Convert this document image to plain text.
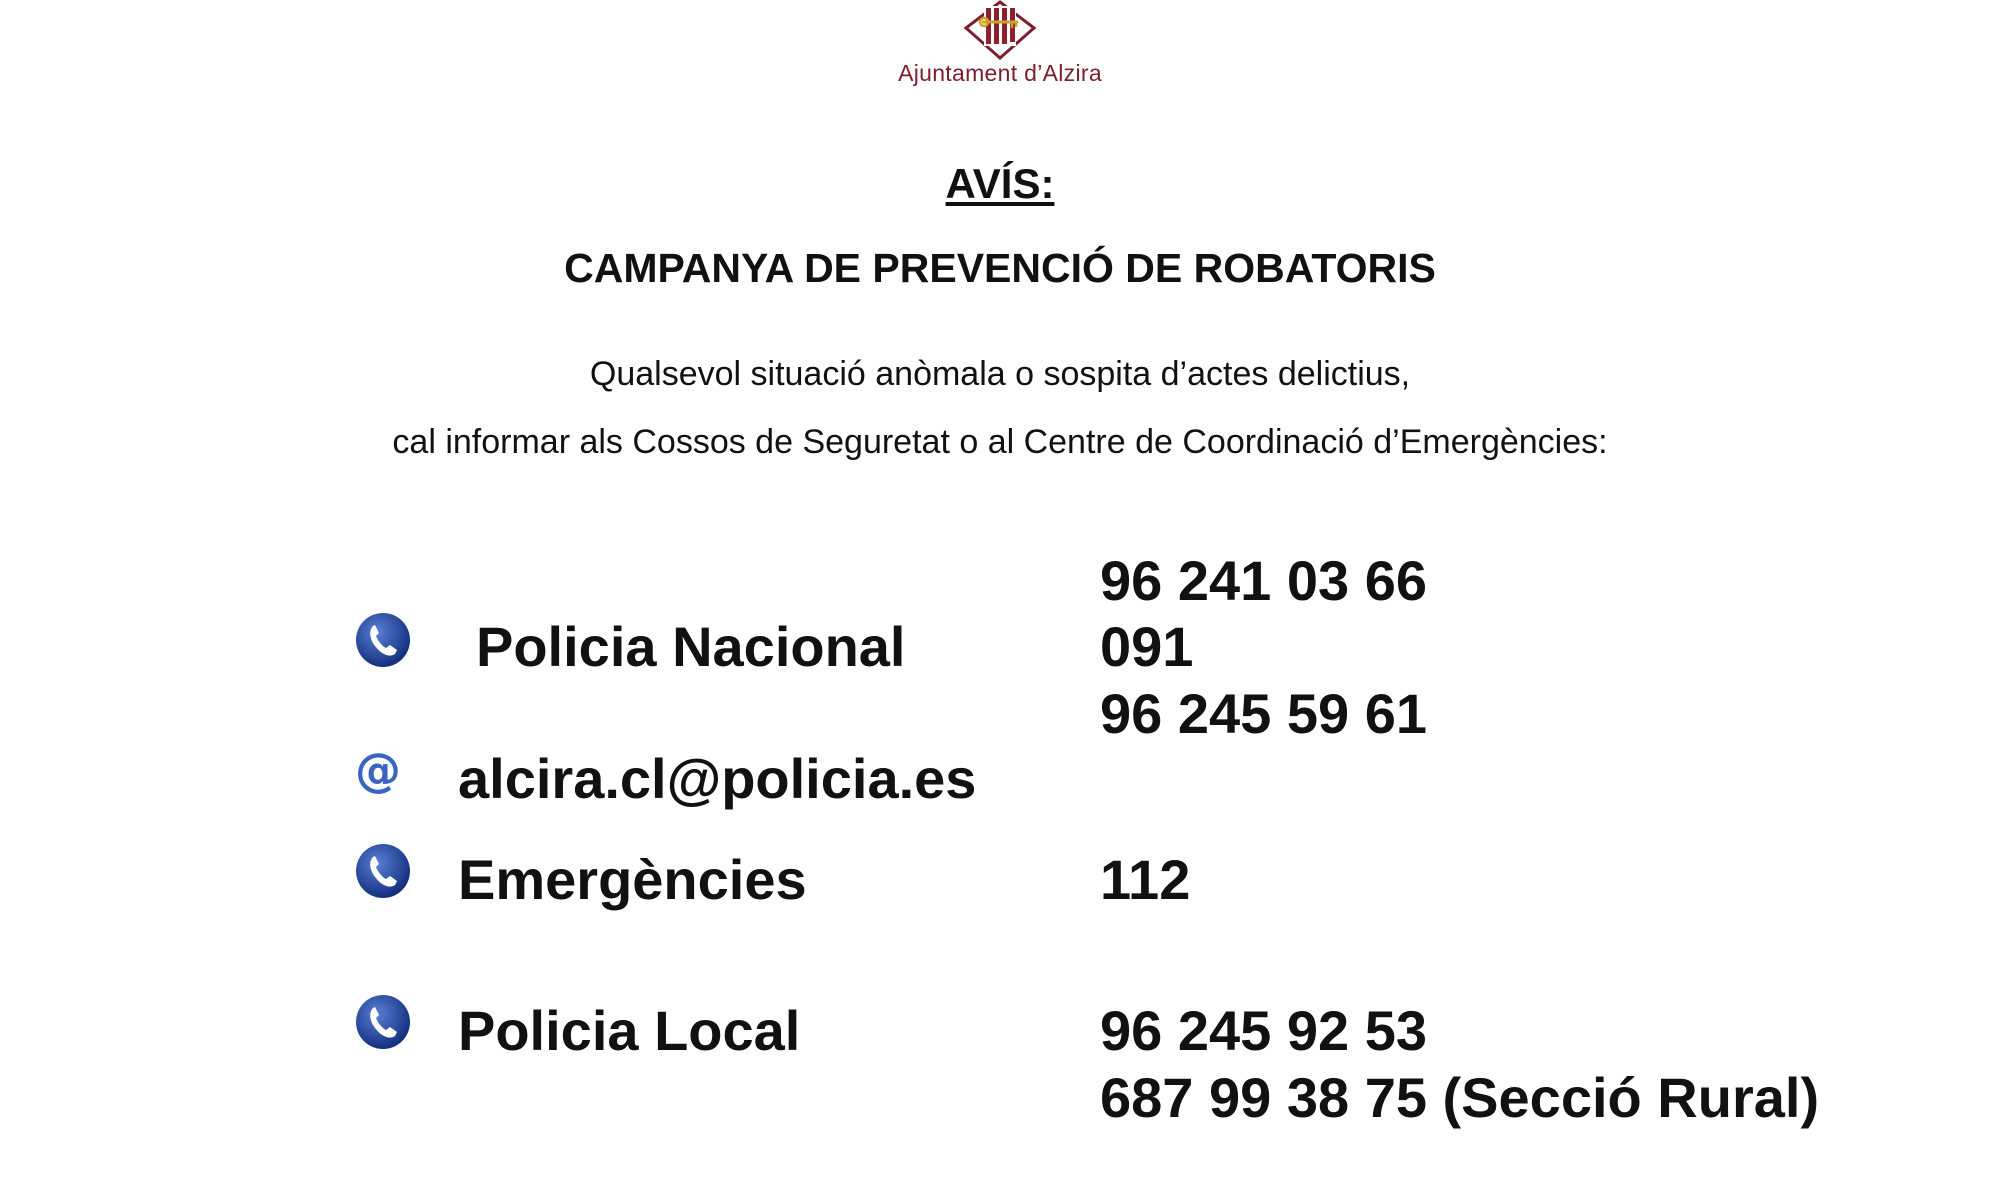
Ajuntament d’Alzira
AVÍS:
CAMPANYA DE PREVENCIÓ DE ROBATORIS
Qualsevol situació anòmala o sospita d’actes delictius,
cal informar als Cossos de Seguretat o al Centre de Coordinació d’Emergències:
Policia Nacional
96 241 03 66
091
96 245 59 61
@ alcira.cl@policia.es
Emergències	112
Policia Local	96 245 92 53
687 99 38 75 (Secció Rural)
